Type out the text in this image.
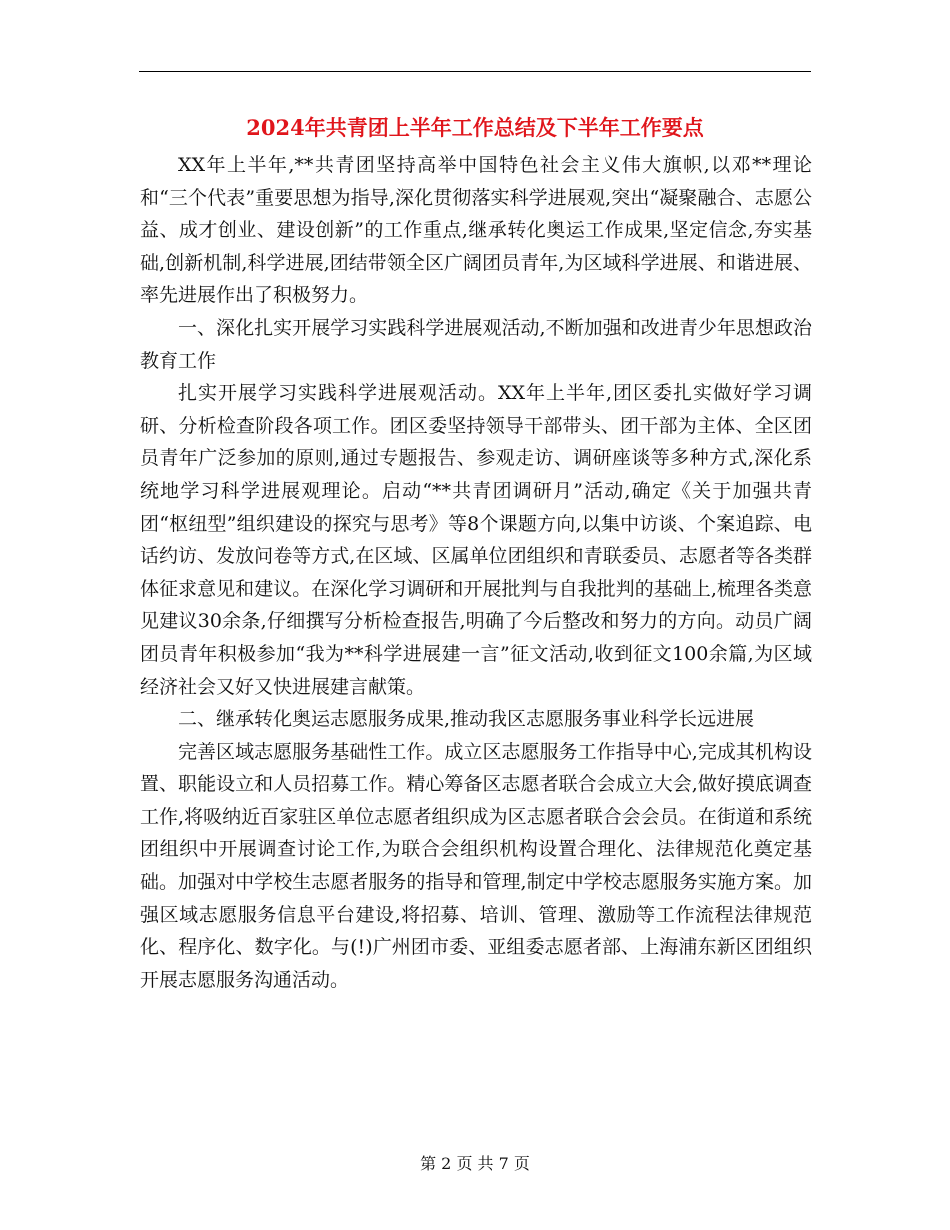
2024年共青团上半年工作总结及下半年工作要点

XX年上半年,**共青团坚持高举中国特色社会主义伟大旗帜,以邓**理论和“三个代表”重要思想为指导,深化贯彻落实科学进展观,突出“凝聚融合、志愿公益、成才创业、建设创新”的工作重点,继承转化奥运工作成果,坚定信念,夯实基础,创新机制,科学进展,团结带领全区广阔团员青年,为区域科学进展、和谐进展、率先进展作出了积极努力。

一、深化扎实开展学习实践科学进展观活动,不断加强和改进青少年思想政治教育工作

扎实开展学习实践科学进展观活动。XX年上半年,团区委扎实做好学习调研、分析检查阶段各项工作。团区委坚持领导干部带头、团干部为主体、全区团员青年广泛参加的原则,通过专题报告、参观走访、调研座谈等多种方式,深化系统地学习科学进展观理论。启动“**共青团调研月”活动,确定《关于加强共青团“枢纽型”组织建设的探究与思考》等8个课题方向,以集中访谈、个案追踪、电话约访、发放问卷等方式,在区域、区属单位团组织和青联委员、志愿者等各类群体征求意见和建议。在深化学习调研和开展批判与自我批判的基础上,梳理各类意见建议30余条,仔细撰写分析检查报告,明确了今后整改和努力的方向。动员广阔团员青年积极参加“我为**科学进展建一言”征文活动,收到征文100余篇,为区域经济社会又好又快进展建言献策。

二、继承转化奥运志愿服务成果,推动我区志愿服务事业科学长远进展

完善区域志愿服务基础性工作。成立区志愿服务工作指导中心,完成其机构设置、职能设立和人员招募工作。精心筹备区志愿者联合会成立大会,做好摸底调查工作,将吸纳近百家驻区单位志愿者组织成为区志愿者联合会会员。在街道和系统团组织中开展调查讨论工作,为联合会组织机构设置合理化、法律规范化奠定基础。加强对中学校生志愿者服务的指导和管理,制定中学校志愿服务实施方案。加强区域志愿服务信息平台建设,将招募、培训、管理、激励等工作流程法律规范化、程序化、数字化。与(!)广州团市委、亚组委志愿者部、上海浦东新区团组织开展志愿服务沟通活动。

第 2 页 共 7 页
